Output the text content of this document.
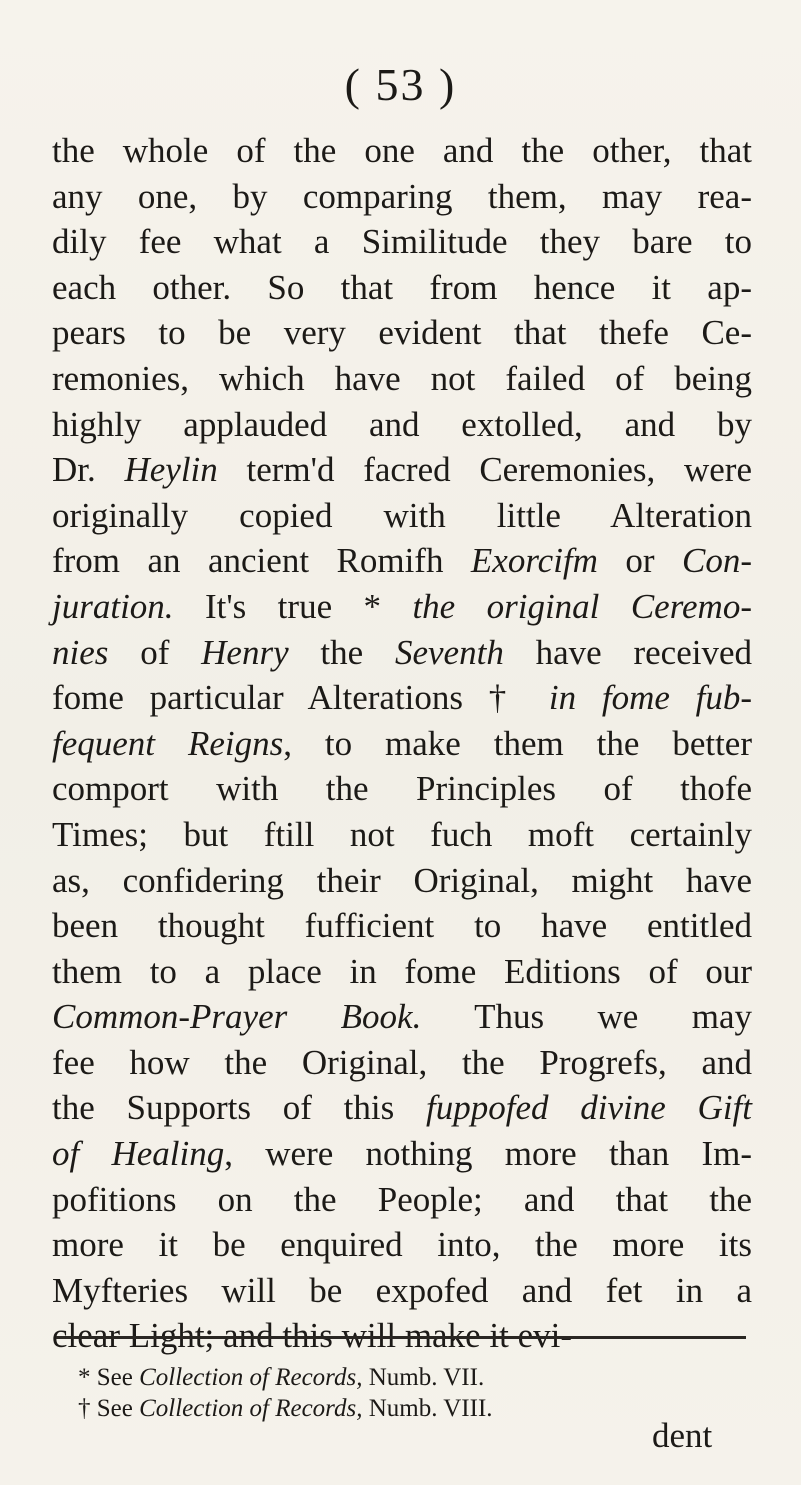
( 53 )
the whole of the one and the other, that
any one, by comparing them, may rea-
dily fee what a Similitude they bare to
each other. So that from hence it ap-
pears to be very evident that thefe Ce-
remonies, which have not failed of being
highly applauded and extolled, and by
Dr. Heylin term'd facred Ceremonies, were
originally copied with little Alteration
from an ancient Romifh Exorcifm or Con-
juration. It's true * the original Ceremo-
nies of Henry the Seventh have received
fome particular Alterations † in fome fub-
fequent Reigns, to make them the better
comport with the Principles of thofe
Times; but ftill not fuch moft certainly
as, confidering their Original, might have
been thought fufficient to have entitled
them to a place in fome Editions of our
Common-Prayer Book. Thus we may
fee how the Original, the Progrefs, and
the Supports of this fuppofed divine Gift
of Healing, were nothing more than Im-
pofitions on the People; and that the
more it be enquired into, the more its
Myfteries will be expofed and fet in a
clear Light; and this will make it evi-
* See Collection of Records, Numb. VII.
† See Collection of Records, Numb. VIII.
dent
